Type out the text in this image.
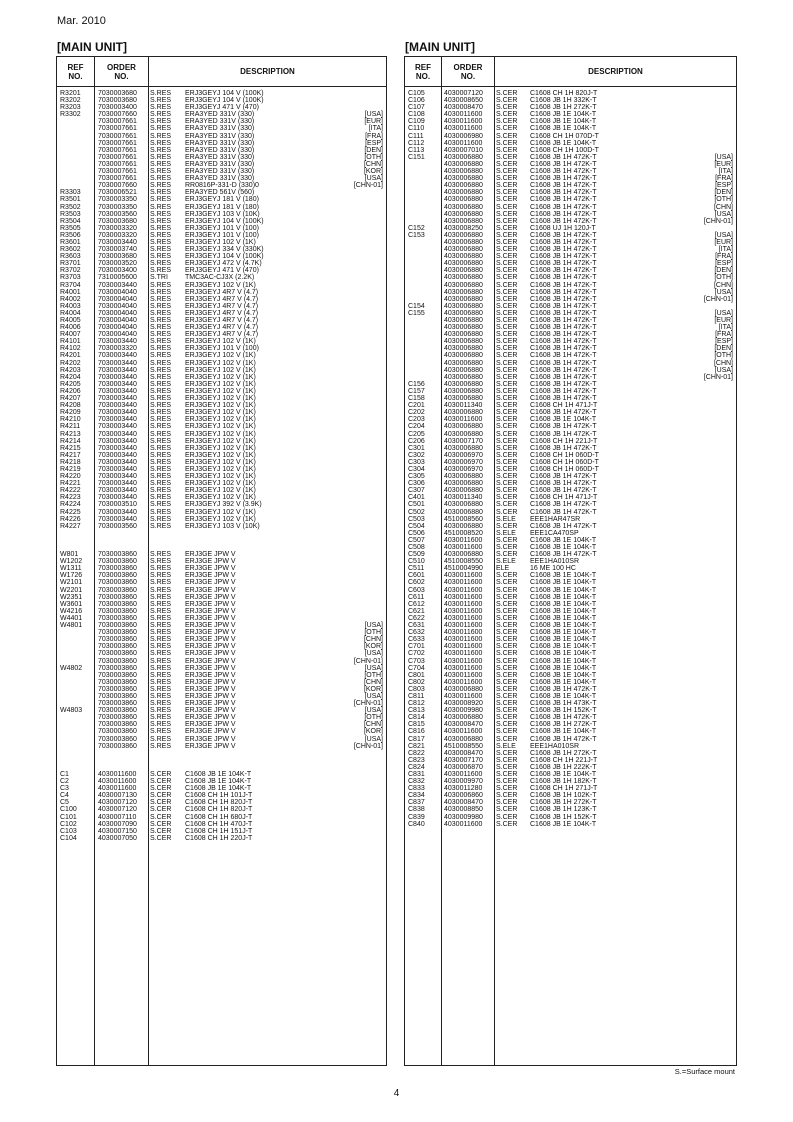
Mar. 2010
[MAIN UNIT]	[MAIN UNIT]
REF
NO.
ORDER
NO.	DESCRIPTION
R3201 7030003680 S.RES ERJ3GEYJ 104 V (100K)
R3202 7030003680 S.RES ERJ3GEYJ 104 V (100K)
R3203 7030003400 S.RES ERJ3GEYJ 471 V (470)
R3302 7030007660 S.RES ERA3YED 331V (330)	[USA]
7030007661 S.RES ERA3YED 331V (330)	[EUR]
7030007661 S.RES ERA3YED 331V (330)	[ITA]
7030007661 S.RES ERA3YED 331V (330)	[FRA]
7030007661 S.RES ERA3YED 331V (330)	[ESP]
7030007661 S.RES ERA3YED 331V (330)	[DEN]
7030007661 S.RES ERA3YED 331V (330)	[OTH]
7030007661 S.RES ERA3YED 331V (330)	[CHN]
7030007661 S.RES ERA3YED 331V (330)	[KOR]
7030007661 S.RES ERA3YED 331V (330)	[USA]
7030007660 S.RES RR0816P-331-D (330)0	[CHN-01]
R3303 7030006521 S.RES ERA3YED 561V (560)
R3501 7030003350 S.RES ERJ3GEYJ 181 V (180)
R3502 7030003350 S.RES ERJ3GEYJ 181 V (180)
R3503 7030003560 S.RES ERJ3GEYJ 103 V (10K)
R3504 7030003680 S.RES ERJ3GEYJ 104 V (100K)
R3505 7030003320 S.RES ERJ3GEYJ 101 V (100)
R3506 7030003320 S.RES ERJ3GEYJ 101 V (100)
R3601 7030003440 S.RES ERJ3GEYJ 102 V (1K)
R3602 7030003740 S.RES ERJ3GEYJ 334 V (330K)
R3603 7030003680 S.RES ERJ3GEYJ 104 V (100K)
R3701 7030003520 S.RES ERJ3GEYJ 472 V (4.7K)
R3702 7030003400 S.RES ERJ3GEYJ 471 V (470)
R3703 7310005600 S.TRI TMC3AC-CJ3X (2.2K)
R3704 7030003440 S.RES ERJ3GEYJ 102 V (1K)
R4001 7030004040 S.RES ERJ3GEYJ 4R7 V (4.7)
R4002 7030004040 S.RES ERJ3GEYJ 4R7 V (4.7)
R4003 7030004040 S.RES ERJ3GEYJ 4R7 V (4.7)
R4004 7030004040 S.RES ERJ3GEYJ 4R7 V (4.7)
R4005 7030004040 S.RES ERJ3GEYJ 4R7 V (4.7)
R4006 7030004040 S.RES ERJ3GEYJ 4R7 V (4.7)
R4007 7030004040 S.RES ERJ3GEYJ 4R7 V (4.7)
R4101 7030003440 S.RES ERJ3GEYJ 102 V (1K)
R4102 7030003320 S.RES ERJ3GEYJ 101 V (100)
R4201 7030003440 S.RES ERJ3GEYJ 102 V (1K)
R4202 7030003440 S.RES ERJ3GEYJ 102 V (1K)
R4203 7030003440 S.RES ERJ3GEYJ 102 V (1K)
R4204 7030003440 S.RES ERJ3GEYJ 102 V (1K)
R4205 7030003440 S.RES ERJ3GEYJ 102 V (1K)
R4206 7030003440 S.RES ERJ3GEYJ 102 V (1K)
R4207 7030003440 S.RES ERJ3GEYJ 102 V (1K)
R4208 7030003440 S.RES ERJ3GEYJ 102 V (1K)
R4209 7030003440 S.RES ERJ3GEYJ 102 V (1K)
R4210 7030003440 S.RES ERJ3GEYJ 102 V (1K)
R4211	7030003440 S.RES ERJ3GEYJ 102 V (1K)
R4213 7030003440 S.RES ERJ3GEYJ 102 V (1K)
R4214 7030003440 S.RES ERJ3GEYJ 102 V (1K)
R4215 7030003440 S.RES ERJ3GEYJ 102 V (1K)
R4217 7030003440 S.RES ERJ3GEYJ 102 V (1K)
R4218 7030003440 S.RES ERJ3GEYJ 102 V (1K)
R4219 7030003440 S.RES ERJ3GEYJ 102 V (1K)
R4220 7030003440 S.RES ERJ3GEYJ 102 V (1K)
R4221 7030003440 S.RES ERJ3GEYJ 102 V (1K)
R4222 7030003440 S.RES ERJ3GEYJ 102 V (1K)
R4223 7030003440 S.RES ERJ3GEYJ 102 V (1K)
R4224 7030003510 S.RES ERJ3GEYJ 392 V (3.9K)
R4225 7030003440 S.RES ERJ3GEYJ 102 V (1K)
R4226 7030003440 S.RES ERJ3GEYJ 102 V (1K)
R4227 7030003560 S.RES ERJ3GEYJ 103 V (10K)
W801	7030003860 S.RES ERJ3GE JPW V
W1202 7030003860 S.RES ERJ3GE JPW V
W1311 7030003860 S.RES ERJ3GE JPW V
W1726 7030003860 S.RES ERJ3GE JPW V
W2101 7030003860 S.RES ERJ3GE JPW V
W2201 7030003860 S.RES ERJ3GE JPW V
W2351 7030003860 S.RES ERJ3GE JPW V
W3601 7030003860 S.RES ERJ3GE JPW V
W4216 7030003860 S.RES ERJ3GE JPW V
W4401 7030003860 S.RES ERJ3GE JPW V
W4801 7030003860 S.RES ERJ3GE JPW V	[USA]
7030003860 S.RES ERJ3GE JPW V	[OTH]
7030003860 S.RES ERJ3GE JPW V	[CHN]
7030003860 S.RES ERJ3GE JPW V	[KOR]
7030003860 S.RES ERJ3GE JPW V	[USA]
7030003860 S.RES ERJ3GE JPW V	[CHN-01]
W4802 7030003860 S.RES ERJ3GE JPW V	[USA]
7030003860 S.RES ERJ3GE JPW V	[OTH]
7030003860 S.RES ERJ3GE JPW V	[CHN]
7030003860 S.RES ERJ3GE JPW V	[KOR]
7030003860 S.RES ERJ3GE JPW V	[USA]
7030003860 S.RES ERJ3GE JPW V	[CHN-01]
W4803 7030003860 S.RES ERJ3GE JPW V	[USA]
7030003860 S.RES ERJ3GE JPW V	[OTH]
7030003860 S.RES ERJ3GE JPW V	[CHN]
7030003860 S.RES ERJ3GE JPW V	[KOR]
7030003860 S.RES ERJ3GE JPW V	[USA]
7030003860 S.RES ERJ3GE JPW V	[CHN-01]
C1	4030011600 S.CER C1608 JB 1E 104K-T
C2	4030011600 S.CER C1608 JB 1E 104K-T
C3	4030011600 S.CER C1608 JB 1E 104K-T
C4	4030007130 S.CER C1608 CH 1H 101J-T
C5	4030007120 S.CER C1608 CH 1H 820J-T
C100	4030007120 S.CER C1608 CH 1H 820J-T
C101	4030007110 S.CER C1608 CH 1H 680J-T
C102	4030007090 S.CER C1608 CH 1H 470J-T
C103	4030007150 S.CER C1608 CH 1H 151J-T
C104	4030007050 S.CER C1608 CH 1H 220J-T
REF
NO.
ORDER
NO.	DESCRIPTION
C105	4030007120 S.CER C1608 CH 1H 820J-T
C106	4030008650 S.CER C1608 JB 1H 332K-T
C107	4030008470 S.CER C1608 JB 1H 272K-T
C108	4030011600 S.CER C1608 JB 1E 104K-T
C109	4030011600 S.CER C1608 JB 1E 104K-T
C110	4030011600 S.CER C1608 JB 1E 104K-T
C111	4030006980 S.CER C1608 CH 1H 070D-T
C112	4030011600 S.CER C1608 JB 1E 104K-T
C113	4030007010 S.CER C1608 CH 1H 100D-T
C151	4030006880 S.CER C1608 JB 1H 472K-T	[USA]
4030006880 S.CER C1608 JB 1H 472K-T	[EUR]
4030006880 S.CER C1608 JB 1H 472K-T	[ITA]
4030006880 S.CER C1608 JB 1H 472K-T	[FRA]
4030006880 S.CER C1608 JB 1H 472K-T	[ESP]
4030006880 S.CER C1608 JB 1H 472K-T	[DEN]
4030006880 S.CER C1608 JB 1H 472K-T	[OTH]
4030006880 S.CER C1608 JB 1H 472K-T	[CHN]
4030006880 S.CER C1608 JB 1H 472K-T	[USA]
4030006880 S.CER C1608 JB 1H 472K-T	[CHN-01]
C152	4030008250 S.CER C1608 UJ 1H 120J-T
C153	4030006880 S.CER C1608 JB 1H 472K-T	[USA]
4030006880 S.CER C1608 JB 1H 472K-T	[EUR]
4030006880 S.CER C1608 JB 1H 472K-T	[ITA]
4030006880 S.CER C1608 JB 1H 472K-T	[FRA]
4030006880 S.CER C1608 JB 1H 472K-T	[ESP]
4030006880 S.CER C1608 JB 1H 472K-T	[DEN]
4030006880 S.CER C1608 JB 1H 472K-T	[OTH]
4030006880 S.CER C1608 JB 1H 472K-T	[CHN]
4030006880 S.CER C1608 JB 1H 472K-T	[USA]
4030006880 S.CER C1608 JB 1H 472K-T	[CHN-01]
C154	4030006880 S.CER C1608 JB 1H 472K-T
C155	4030006880 S.CER C1608 JB 1H 472K-T	[USA]
4030006880 S.CER C1608 JB 1H 472K-T	[EUR]
4030006880 S.CER C1608 JB 1H 472K-T	[ITA]
4030006880 S.CER C1608 JB 1H 472K-T	[FRA]
4030006880 S.CER C1608 JB 1H 472K-T	[ESP]
4030006880 S.CER C1608 JB 1H 472K-T	[DEN]
4030006880 S.CER C1608 JB 1H 472K-T	[OTH]
4030006880 S.CER C1608 JB 1H 472K-T	[CHN]
4030006880 S.CER C1608 JB 1H 472K-T	[USA]
4030006880 S.CER C1608 JB 1H 472K-T	[CHN-01]
C156	4030006880 S.CER C1608 JB 1H 472K-T
C157	4030006880 S.CER C1608 JB 1H 472K-T
C158	4030006880 S.CER C1608 JB 1H 472K-T
C201	4030011340 S.CER C1608 CH 1H 471J-T
C202	4030006880 S.CER C1608 JB 1H 472K-T
C203	4030011600 S.CER C1608 JB 1E 104K-T
C204	4030006880 S.CER C1608 JB 1H 472K-T
C205	4030006880 S.CER C1608 JB 1H 472K-T
C206	4030007170 S.CER C1608 CH 1H 221J-T
C301	4030006880 S.CER C1608 JB 1H 472K-T
C302	4030006970 S.CER C1608 CH 1H 060D-T
C303	4030006970 S.CER C1608 CH 1H 060D-T
C304	4030006970 S.CER C1608 CH 1H 060D-T
C305	4030006880 S.CER C1608 JB 1H 472K-T
C306	4030006880 S.CER C1608 JB 1H 472K-T
C307	4030006880 S.CER C1608 JB 1H 472K-T
C401	4030011340 S.CER C1608 CH 1H 471J-T
C501	4030006880 S.CER C1608 JB 1H 472K-T
C502	4030006880 S.CER C1608 JB 1H 472K-T
C503	4510008560 S.ELE EEE1HAR47SR
C504	4030006880 S.CER C1608 JB 1H 472K-T
C506	4510008520 S.ELE EEE1CA470SP
C507	4030011600 S.CER C1608 JB 1E 104K-T
C508	4030011600 S.CER C1608 JB 1E 104K-T
C509	4030006880 S.CER C1608 JB 1H 472K-T
C510	4510008550 S.ELE EEE1HA010SR
C511	4510004990 ELE	16 ME 100 HC
C601	4030011600 S.CER C1608 JB 1E 104K-T
C602	4030011600 S.CER C1608 JB 1E 104K-T
C603	4030011600 S.CER C1608 JB 1E 104K-T
C611	4030011600 S.CER C1608 JB 1E 104K-T
C612	4030011600 S.CER C1608 JB 1E 104K-T
C621	4030011600 S.CER C1608 JB 1E 104K-T
C622	4030011600 S.CER C1608 JB 1E 104K-T
C631	4030011600 S.CER C1608 JB 1E 104K-T
C632	4030011600 S.CER C1608 JB 1E 104K-T
C633	4030011600 S.CER C1608 JB 1E 104K-T
C701	4030011600 S.CER C1608 JB 1E 104K-T
C702	4030011600 S.CER C1608 JB 1E 104K-T
C703	4030011600 S.CER C1608 JB 1E 104K-T
C704	4030011600 S.CER C1608 JB 1E 104K-T
C801	4030011600 S.CER C1608 JB 1E 104K-T
C802	4030011600 S.CER C1608 JB 1E 104K-T
C803	4030006880 S.CER C1608 JB 1H 472K-T
C811	4030011600 S.CER C1608 JB 1E 104K-T
C812	4030008920 S.CER C1608 JB 1H 473K-T
C813	4030009980 S.CER C1608 JB 1H 152K-T
C814	4030006880 S.CER C1608 JB 1H 472K-T
C815	4030008470 S.CER C1608 JB 1H 272K-T
C816	4030011600 S.CER C1608 JB 1E 104K-T
C817	4030006880 S.CER C1608 JB 1H 472K-T
C821	4510008550 S.ELE EEE1HA010SR
C822	4030008470 S.CER C1608 JB 1H 272K-T
C823	4030007170 S.CER C1608 CH 1H 221J-T
C824	4030006870 S.CER C1608 JB 1H 222K-T
C831	4030011600 S.CER C1608 JB 1E 104K-T
C832	4030009970 S.CER C1608 JB 1H 182K-T
C833	4030011280 S.CER C1608 CH 1H 271J-T
C834	4030006860 S.CER C1608 JB 1H 102K-T
C837	4030008470 S.CER C1608 JB 1H 272K-T
C838	4030008850 S.CER C1608 JB 1H 123K-T
C839	4030009980 S.CER C1608 JB 1H 152K-T
C840	4030011600 S.CER C1608 JB 1E 104K-T
S.=Surface mount
4
